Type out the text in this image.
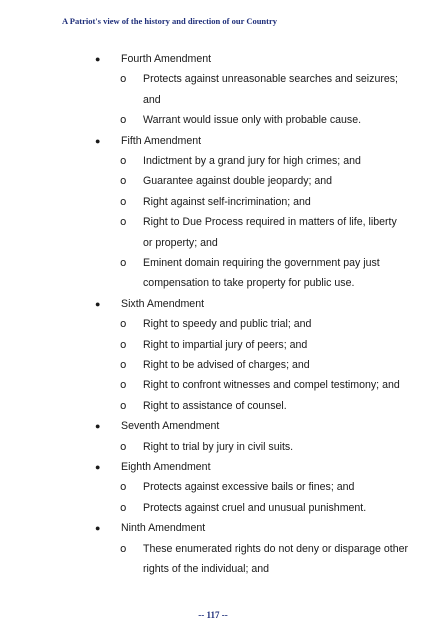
A Patriot's view of the history and direction of our Country
● Fourth Amendment
o Protects against unreasonable searches and seizures;
and
o Warrant would issue only with probable cause.
● Fifth Amendment
o Indictment by a grand jury for high crimes; and
o Guarantee against double jeopardy; and
o Right against self-incrimination; and
o Right to Due Process required in matters of life, liberty
or property; and
o Eminent domain requiring the government pay just
compensation to take property for public use.
● Sixth Amendment
o Right to speedy and public trial; and
o Right to impartial jury of peers; and
o Right to be advised of charges; and
o Right to confront witnesses and compel testimony; and
o Right to assistance of counsel.
● Seventh Amendment
o Right to trial by jury in civil suits.
● Eighth Amendment
o Protects against excessive bails or fines; and
o Protects against cruel and unusual punishment.
● Ninth Amendment
o These enumerated rights do not deny or disparage other
rights of the individual; and
-- 117 --
